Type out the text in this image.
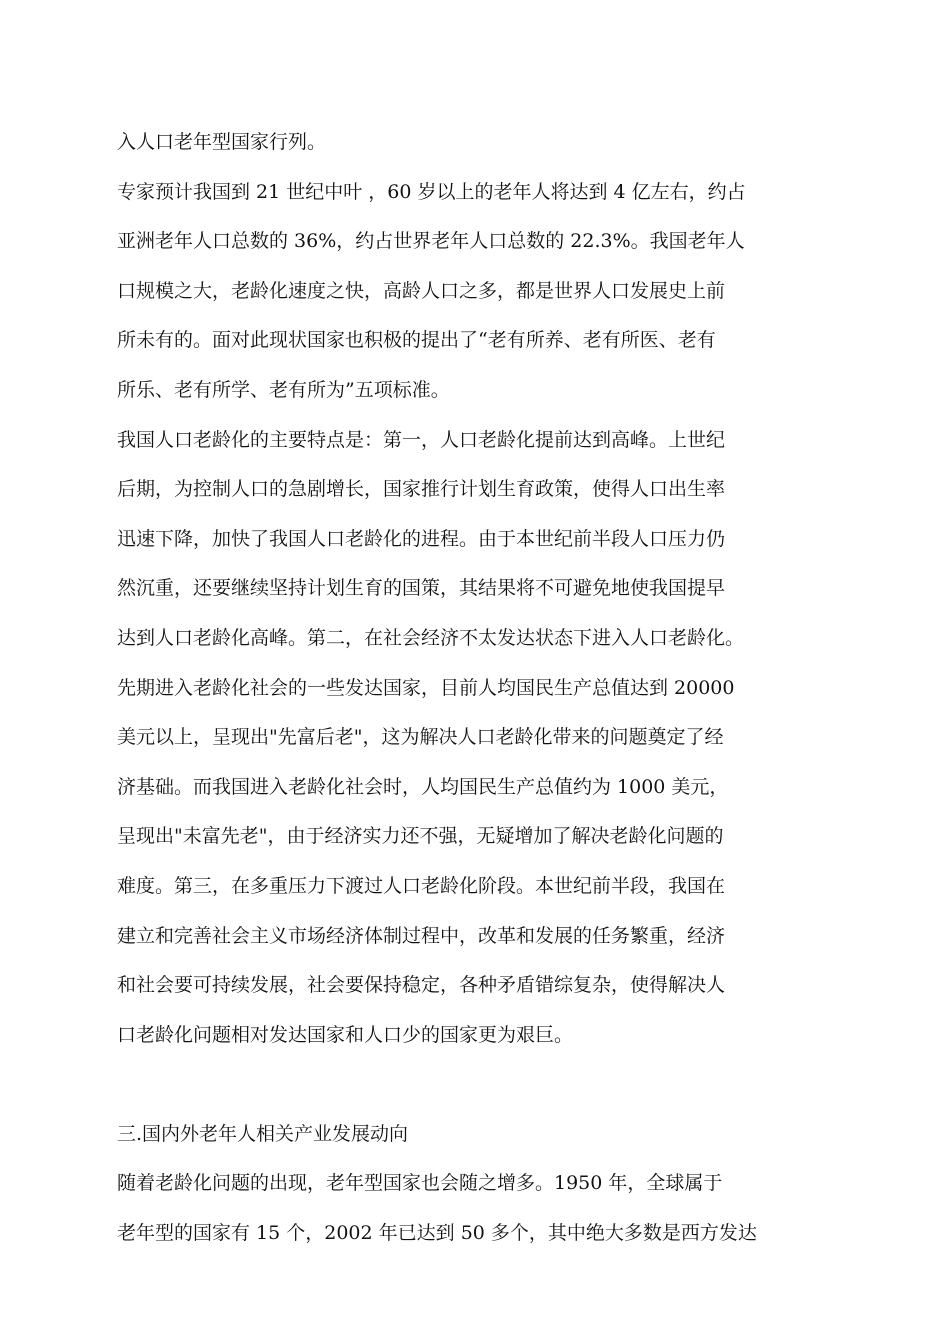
入人口老年型国家行列。
专家预计我国到 21 世纪中叶 ，60 岁以上的老年人将达到 4 亿左右，约占
亚洲老年人口总数的 36%，约占世界老年人口总数的 22.3%。我国老年人
口规模之大，老龄化速度之快，高龄人口之多，都是世界人口发展史上前
所未有的。面对此现状国家也积极的提出了“老有所养、老有所医、老有
所乐、老有所学、老有所为”五项标准。
我国人口老龄化的主要特点是：第一，人口老龄化提前达到高峰。上世纪
后期，为控制人口的急剧增长，国家推行计划生育政策，使得人口出生率
迅速下降，加快了我国人口老龄化的进程。由于本世纪前半段人口压力仍
然沉重，还要继续坚持计划生育的国策，其结果将不可避免地使我国提早
达到人口老龄化高峰。第二，在社会经济不太发达状态下进入人口老龄化。
先期进入老龄化社会的一些发达国家，目前人均国民生产总值达到 20000
美元以上，呈现出"先富后老"，这为解决人口老龄化带来的问题奠定了经
济基础。而我国进入老龄化社会时，人均国民生产总值约为 1000 美元，
呈现出"未富先老"，由于经济实力还不强，无疑增加了解决老龄化问题的
难度。第三，在多重压力下渡过人口老龄化阶段。本世纪前半段，我国在
建立和完善社会主义市场经济体制过程中，改革和发展的任务繁重，经济
和社会要可持续发展，社会要保持稳定，各种矛盾错综复杂，使得解决人
口老龄化问题相对发达国家和人口少的国家更为艰巨。
三.国内外老年人相关产业发展动向
随着老龄化问题的出现，老年型国家也会随之增多。1950 年，全球属于
老年型的国家有 15 个，2002 年已达到 50 多个，其中绝大多数是西方发达
